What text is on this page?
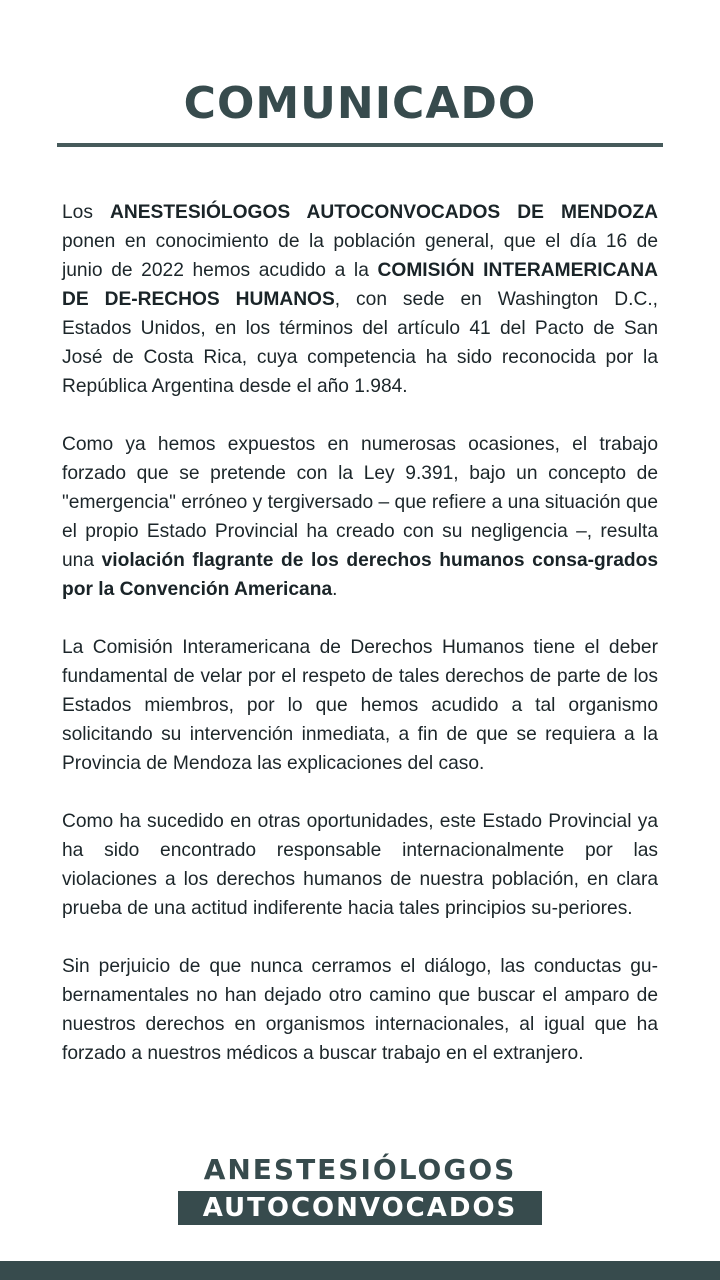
COMUNICADO

Los ANESTESIÓLOGOS AUTOCONVOCADOS DE MENDOZA ponen en conocimiento de la población general, que el día 16 de junio de 2022 hemos acudido a la COMISIÓN INTERAMERICANA DE DE-RECHOS HUMANOS, con sede en Washington D.C., Estados Unidos, en los términos del artículo 41 del Pacto de San José de Costa Rica, cuya competencia ha sido reconocida por la República Argentina desde el año 1.984.

Como ya hemos expuestos en numerosas ocasiones, el trabajo forzado que se pretende con la Ley 9.391, bajo un concepto de "emergencia" erróneo y tergiversado – que refiere a una situación que el propio Estado Provincial ha creado con su negligencia –, resulta una violación flagrante de los derechos humanos consa-grados por la Convención Americana.

La Comisión Interamericana de Derechos Humanos tiene el deber fundamental de velar por el respeto de tales derechos de parte de los Estados miembros, por lo que hemos acudido a tal organismo solicitando su intervención inmediata, a fin de que se requiera a la Provincia de Mendoza las explicaciones del caso.

Como ha sucedido en otras oportunidades, este Estado Provincial ya ha sido encontrado responsable internacionalmente por las violaciones a los derechos humanos de nuestra población, en clara prueba de una actitud indiferente hacia tales principios su-periores.

Sin perjuicio de que nunca cerramos el diálogo, las conductas gu-bernamentales no han dejado otro camino que buscar el amparo de nuestros derechos en organismos internacionales, al igual que ha forzado a nuestros médicos a buscar trabajo en el extranjero.

ANESTESIÓLOGOS
AUTOCONVOCADOS
